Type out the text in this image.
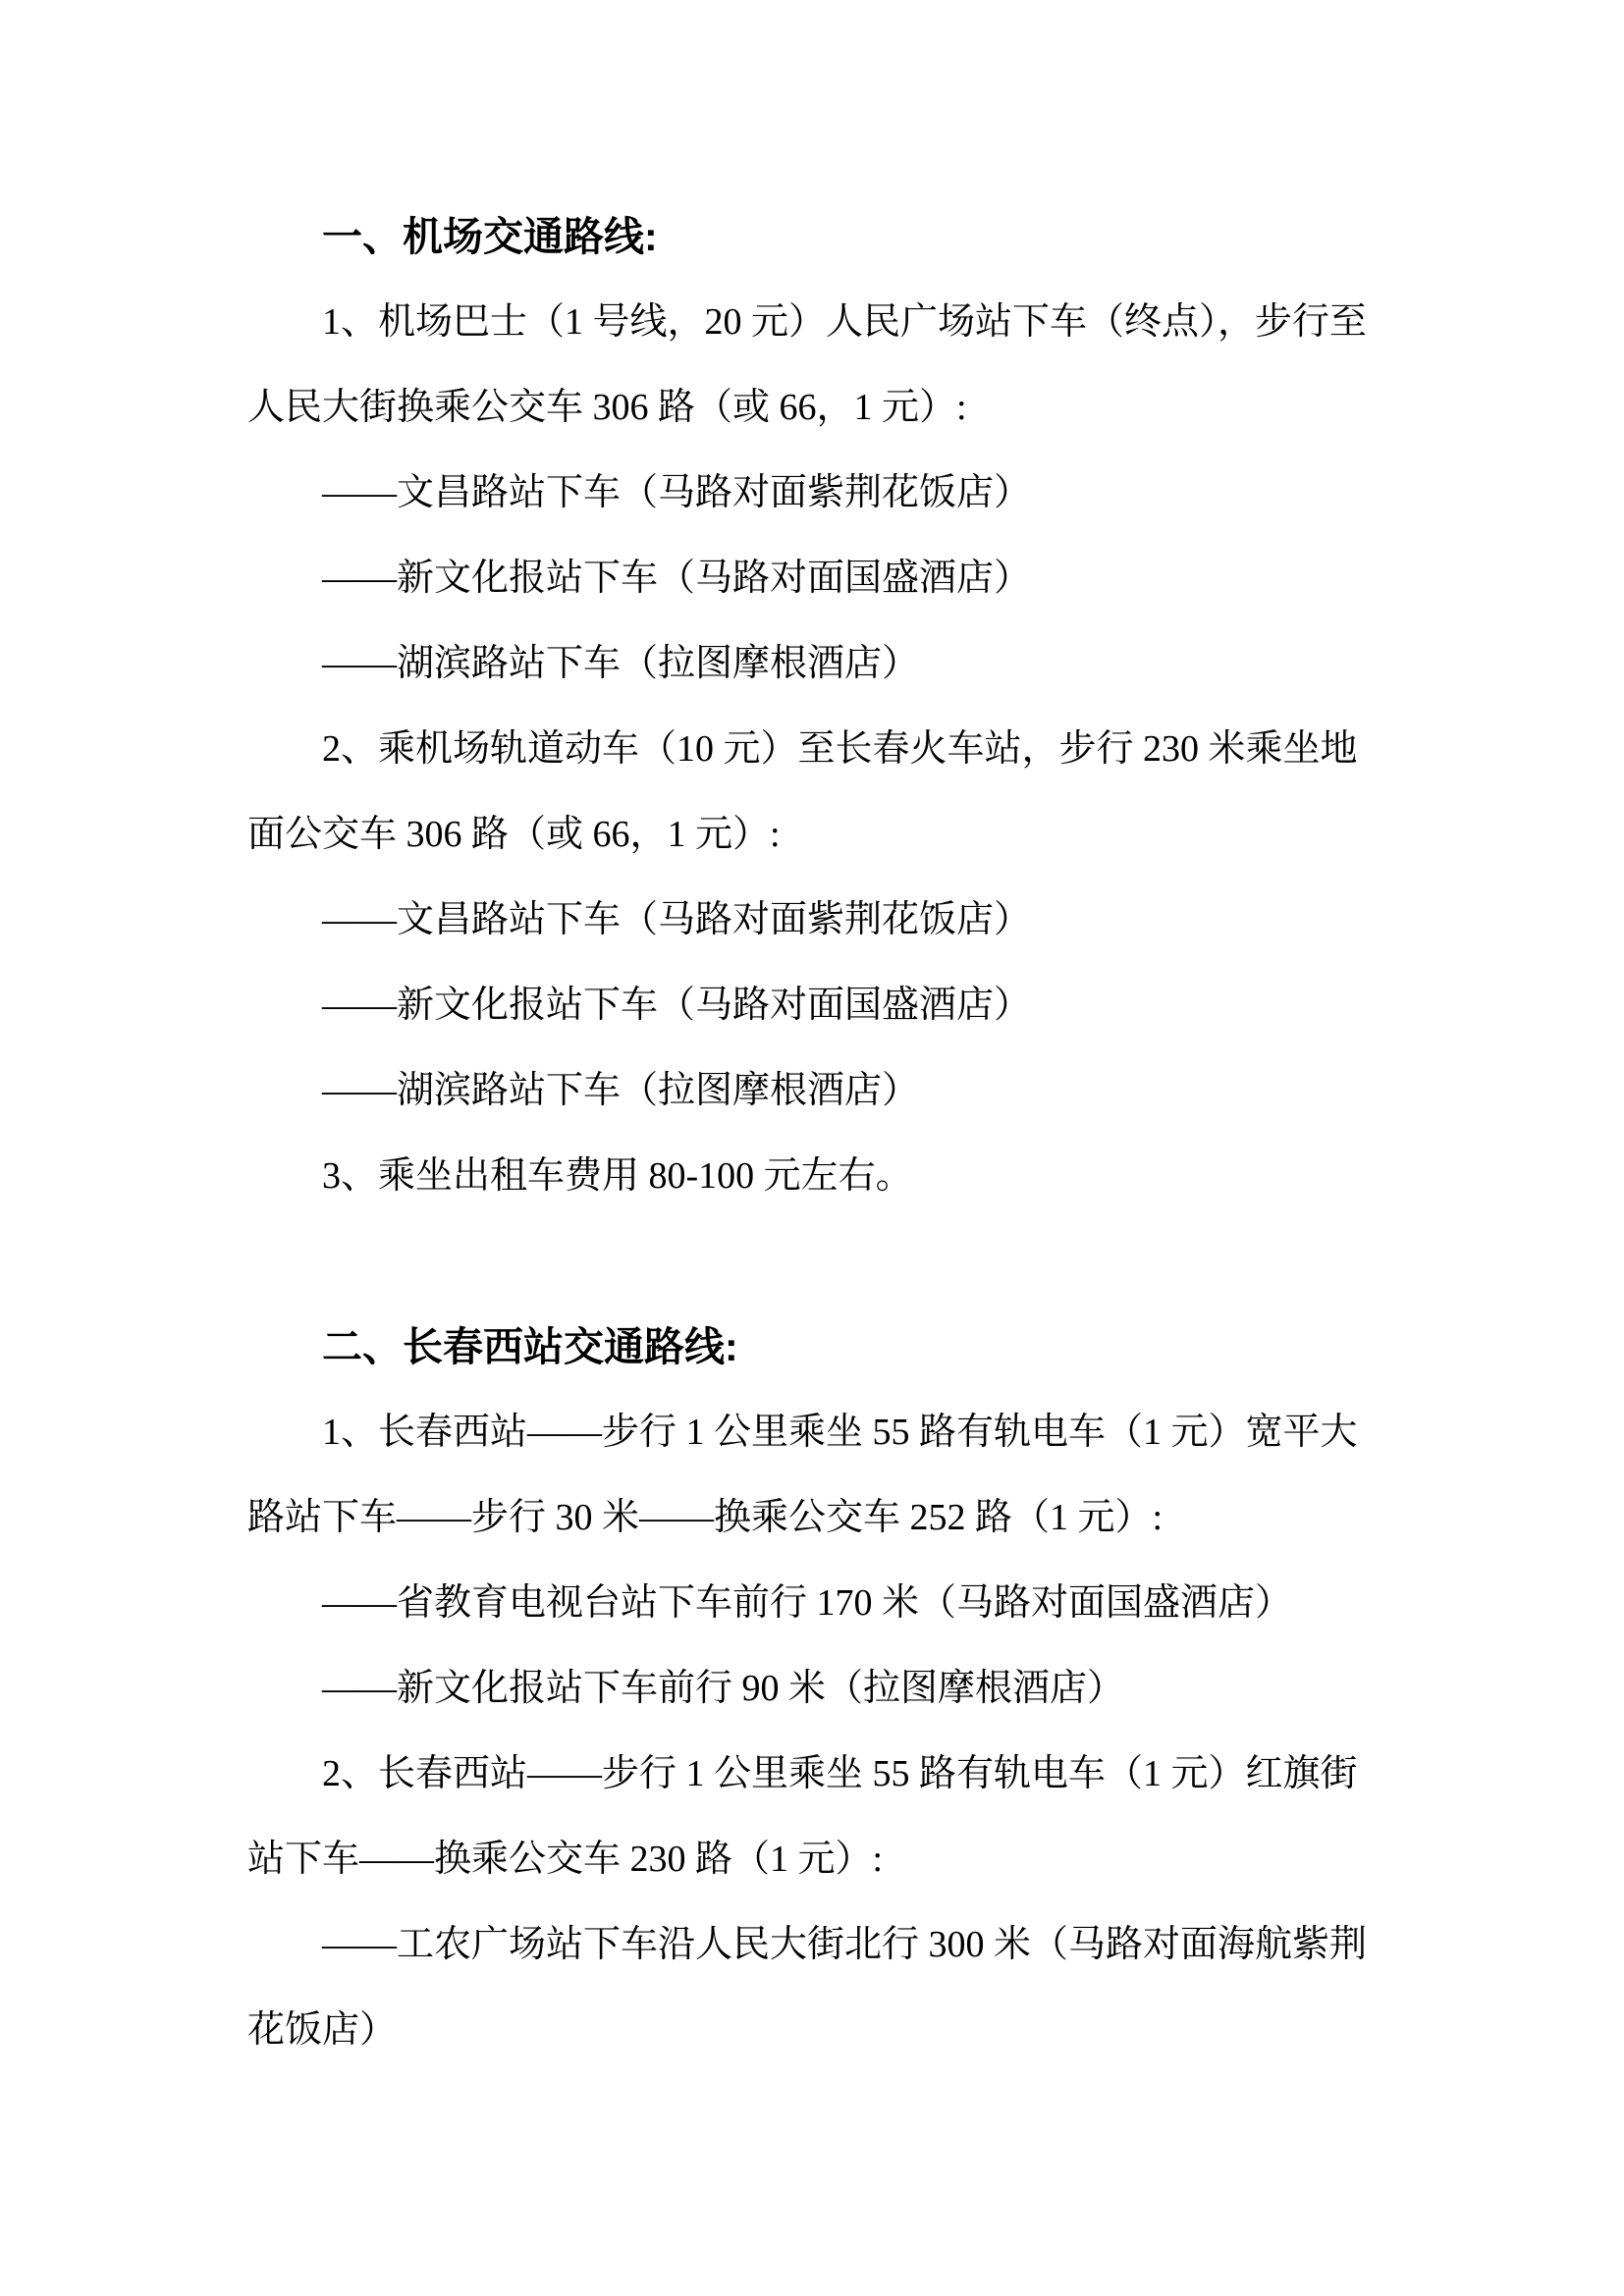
一、机场交通路线:
1、机场巴士（1 号线，20 元）人民广场站下车（终点），步行至
人民大街换乘公交车 306 路（或 66，1 元）:
——文昌路站下车（马路对面紫荆花饭店）
——新文化报站下车（马路对面国盛酒店）
——湖滨路站下车（拉图摩根酒店）
2、乘机场轨道动车（10 元）至长春火车站，步行 230 米乘坐地
面公交车 306 路（或 66，1 元）:
——文昌路站下车（马路对面紫荆花饭店）
——新文化报站下车（马路对面国盛酒店）
——湖滨路站下车（拉图摩根酒店）
3、乘坐出租车费用 80-100 元左右。
二、长春西站交通路线:
1、长春西站——步行 1 公里乘坐 55 路有轨电车（1 元）宽平大
路站下车——步行 30 米——换乘公交车 252 路（1 元）:
——省教育电视台站下车前行 170 米（马路对面国盛酒店）
——新文化报站下车前行 90 米（拉图摩根酒店）
2、长春西站——步行 1 公里乘坐 55 路有轨电车（1 元）红旗街
站下车——换乘公交车 230 路（1 元）:
——工农广场站下车沿人民大街北行 300 米（马路对面海航紫荆
花饭店）
